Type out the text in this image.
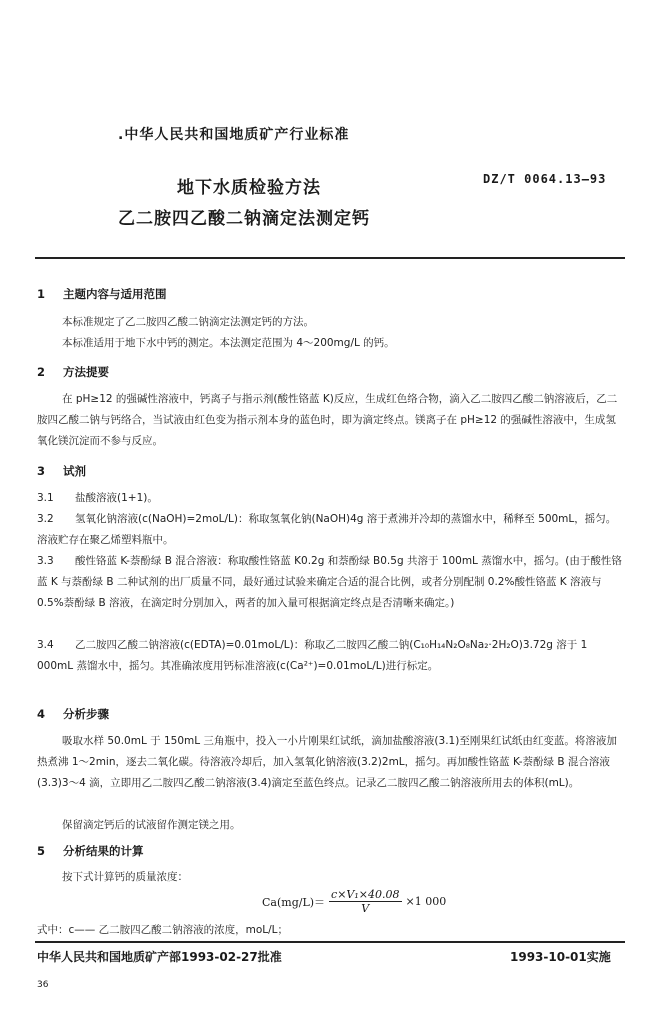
.中华人民共和国地质矿产行业标准
地下水质检验方法	DZ/T 0064.13—93
乙二胺四乙酸二钠滴定法测定钙
1 主题内容与适用范围
本标准规定了乙二胺四乙酸二钠滴定法测定钙的方法。
本标准适用于地下水中钙的测定。本法测定范围为 4～200mg/L 的钙。
2 方法提要
在 pH≥12 的强碱性溶液中，钙离子与指示剂(酸性铬蓝 K)反应，生成红色络合物，滴入乙二胺四乙酸二钠溶液后，乙二胺四乙酸二钠与钙络合，当试液由红色变为指示剂本身的蓝色时，即为滴定终点。镁离子在 pH≥12 的强碱性溶液中，生成氢氧化镁沉淀而不参与反应。
3 试剂
3.1 盐酸溶液(1+1)。
3.2 氢氧化钠溶液(c(NaOH)=2moL/L)：称取氢氧化钠(NaOH)4g 溶于煮沸并冷却的蒸馏水中，稀释至 500mL，摇匀。溶液贮存在聚乙烯塑料瓶中。
3.3 酸性铬蓝 K-萘酚绿 B 混合溶液：称取酸性铬蓝 K0.2g 和萘酚绿 B0.5g 共溶于 100mL 蒸馏水中，摇匀。(由于酸性铬蓝 K 与萘酚绿 B 二种试剂的出厂质量不同，最好通过试验来确定合适的混合比例，或者分别配制 0.2%酸性铬蓝 K 溶液与 0.5%萘酚绿 B 溶液，在滴定时分别加入，两者的加入量可根据滴定终点是否清晰来确定。)
3.4 乙二胺四乙酸二钠溶液(c(EDTA)=0.01moL/L)：称取乙二胺四乙酸二钠(C₁₀H₁₄N₂O₈Na₂·2H₂O)3.72g 溶于 1 000mL 蒸馏水中，摇匀。其准确浓度用钙标准溶液(c(Ca²⁺)=0.01moL/L)进行标定。
4 分析步骤
吸取水样 50.0mL 于 150mL 三角瓶中，投入一小片刚果红试纸，滴加盐酸溶液(3.1)至刚果红试纸由红变蓝。将溶液加热煮沸 1～2min，逐去二氧化碳。待溶液冷却后，加入氢氧化钠溶液(3.2)2mL，摇匀。再加酸性铬蓝 K-萘酚绿 B 混合溶液(3.3)3～4 滴，立即用乙二胺四乙酸二钠溶液(3.4)滴定至蓝色终点。记录乙二胺四乙酸二钠溶液所用去的体积(mL)。
保留滴定钙后的试液留作测定镁之用。
5 分析结果的计算
按下式计算钙的质量浓度：
$Ca(mg/L)= \frac{\text{c×V₁×40.08}}{V} \times 1$ 000
式中：c—— 乙二胺四乙酸二钠溶液的浓度，moL/L；
中华人民共和国地质矿产部1993-02-27批准	1993-10-01实施
36
